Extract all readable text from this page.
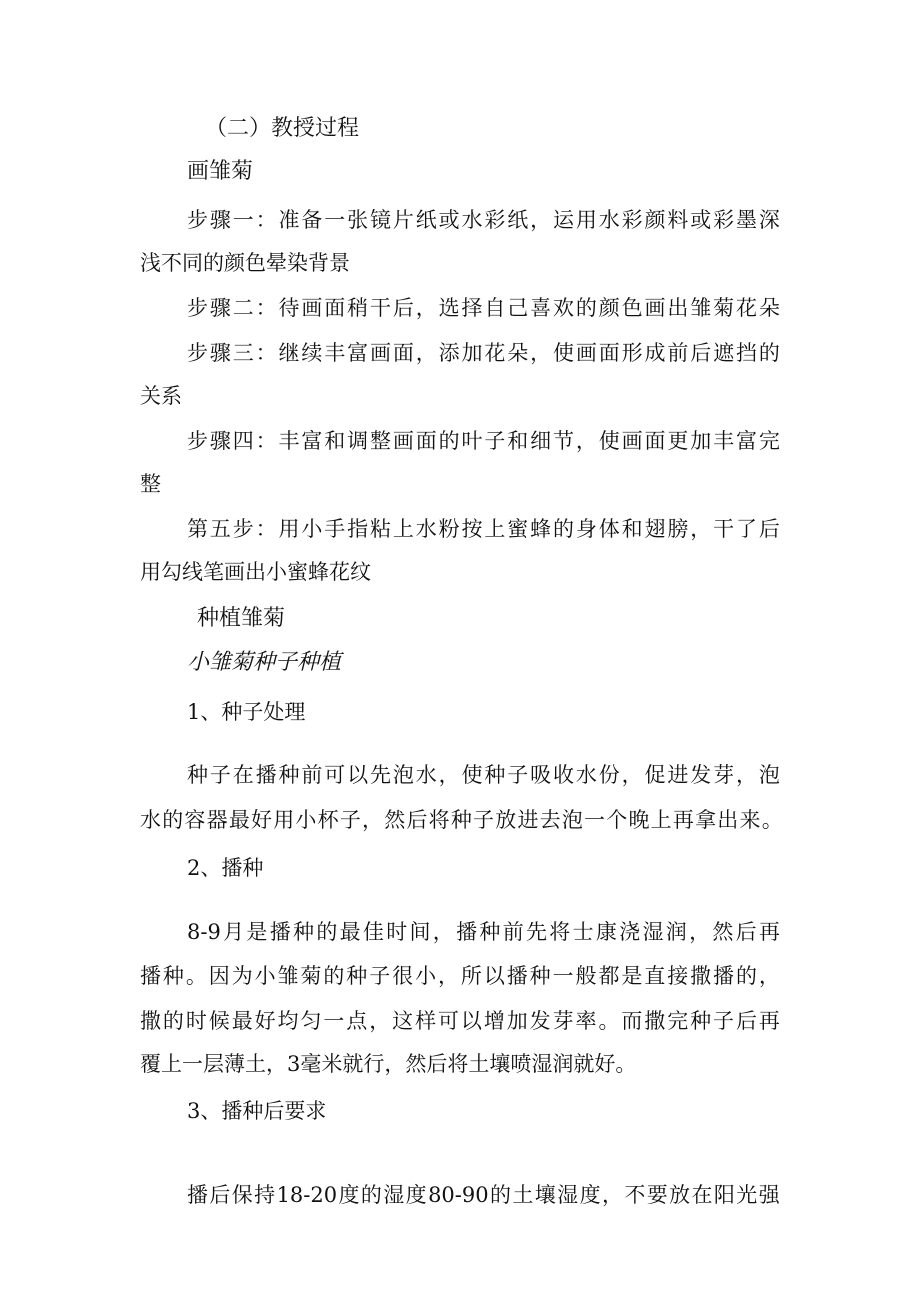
（二）教授过程
画雏菊
步 骤 一 ： 准 备 一 张 镜 片 纸 或 水 彩 纸 ， 运 用 水 彩 颜 料 或 彩 墨 深
浅不同的颜色晕染背景
步 骤 二 ： 待 画 面 稍 干 后 ， 选 择 自 己 喜 欢 的 颜 色 画 出 雏 菊 花 朵
步 骤 三 ： 继 续 丰 富 画 面 ， 添 加 花 朵 ， 使 画 面 形 成 前 后 遮 挡 的
关系
步 骤 四 ： 丰 富 和 调 整 画 面 的 叶 子 和 细 节 ， 使 画 面 更 加 丰 富 完
整
第 五 步 ： 用 小 手 指 粘 上 水 粉 按 上 蜜 蜂 的 身 体 和 翅 膀 ， 干 了 后
用勾线笔画出小蜜蜂花纹
种植雏菊
小雏菊种子种植
1、种子处理
种 子 在 播 种 前 可 以 先 泡 水 ， 使 种 子 吸 收 水 份 ， 促 进 发 芽 ， 泡
水 的 容 器 最 好 用 小 杯 子 ， 然 后 将 种 子 放 进 去 泡 一 个 晚 上 再 拿 出 来 。
2、播种
8-9 月 是 播 种 的 最 佳 时 间 ， 播 种 前 先 将 士 康 浇 湿 润 ， 然 后 再
播 种 。 因 为 小 雏 菊 的 种 子 很 小 ， 所 以 播 种 一 般 都 是 直 接 撒 播 的 ，
撒 的 时 候 最 好 均 匀 一 点 ， 这 样 可 以 增 加 发 芽 率 。 而 撒 完 种 子 后 再
覆上一层薄土，3毫米就行，然后将土壤喷湿润就好。
3、播种后要求
播 后 保 持 18-20 度 的 湿 度 80-90 的 土 壤 湿 度 ， 不 要 放 在 阳 光 强
